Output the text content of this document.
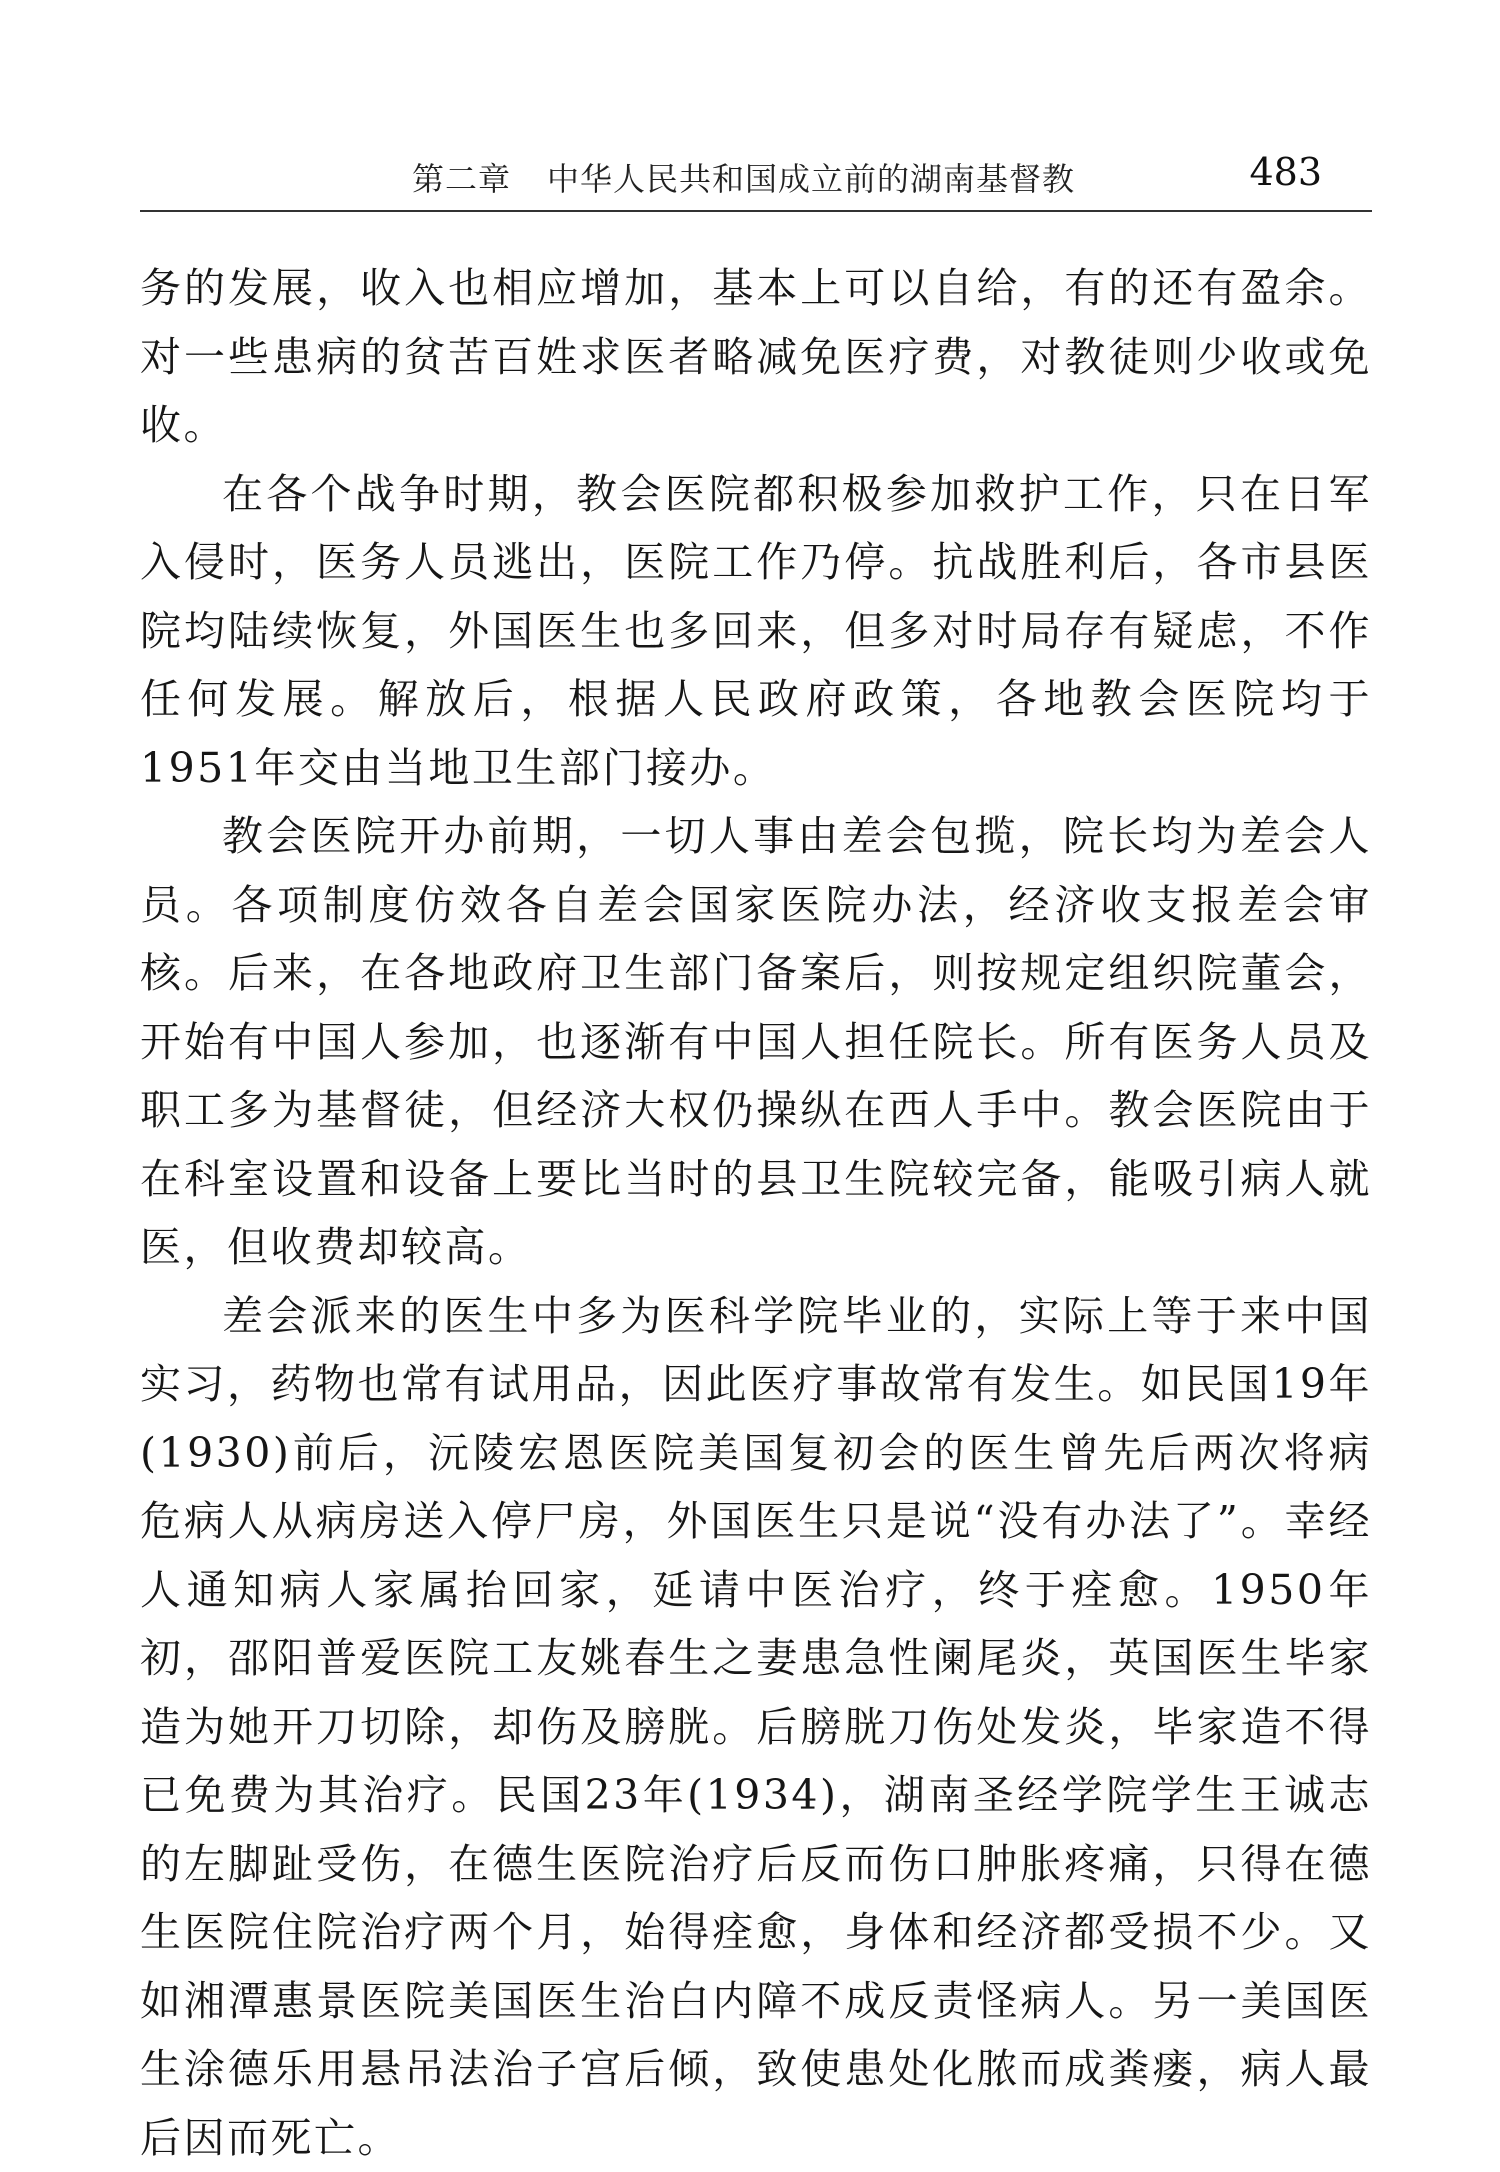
第二章 中华人民共和国成立前的湖南基督教	483

务的发展，收入也相应增加，基本上可以自给，有的还有盈余。对一些患病的贫苦百姓求医者略减免医疗费，对教徒则少收或免收。

在各个战争时期，教会医院都积极参加救护工作，只在日军入侵时，医务人员逃出，医院工作乃停。抗战胜利后，各市县医院均陆续恢复，外国医生也多回来，但多对时局存有疑虑，不作任何发展。解放后，根据人民政府政策，各地教会医院均于1951年交由当地卫生部门接办。

教会医院开办前期，一切人事由差会包揽，院长均为差会人员。各项制度仿效各自差会国家医院办法，经济收支报差会审核。后来，在各地政府卫生部门备案后，则按规定组织院董会，开始有中国人参加，也逐渐有中国人担任院长。所有医务人员及职工多为基督徒，但经济大权仍操纵在西人手中。教会医院由于在科室设置和设备上要比当时的县卫生院较完备，能吸引病人就医，但收费却较高。

差会派来的医生中多为医科学院毕业的，实际上等于来中国实习，药物也常有试用品，因此医疗事故常有发生。如民国19年(1930)前后，沅陵宏恩医院美国复初会的医生曾先后两次将病危病人从病房送入停尸房，外国医生只是说“没有办法了”。幸经人通知病人家属抬回家，延请中医治疗，终于痊愈。1950年初，邵阳普爱医院工友姚春生之妻患急性阑尾炎，英国医生毕家造为她开刀切除，却伤及膀胱。后膀胱刀伤处发炎，毕家造不得已免费为其治疗。民国23年(1934)，湖南圣经学院学生王诚志的左脚趾受伤，在德生医院治疗后反而伤口肿胀疼痛，只得在德生医院住院治疗两个月，始得痊愈，身体和经济都受损不少。又如湘潭惠景医院美国医生治白内障不成反责怪病人。另一美国医生涂德乐用悬吊法治子宫后倾，致使患处化脓而成粪瘘，病人最后因而死亡。
